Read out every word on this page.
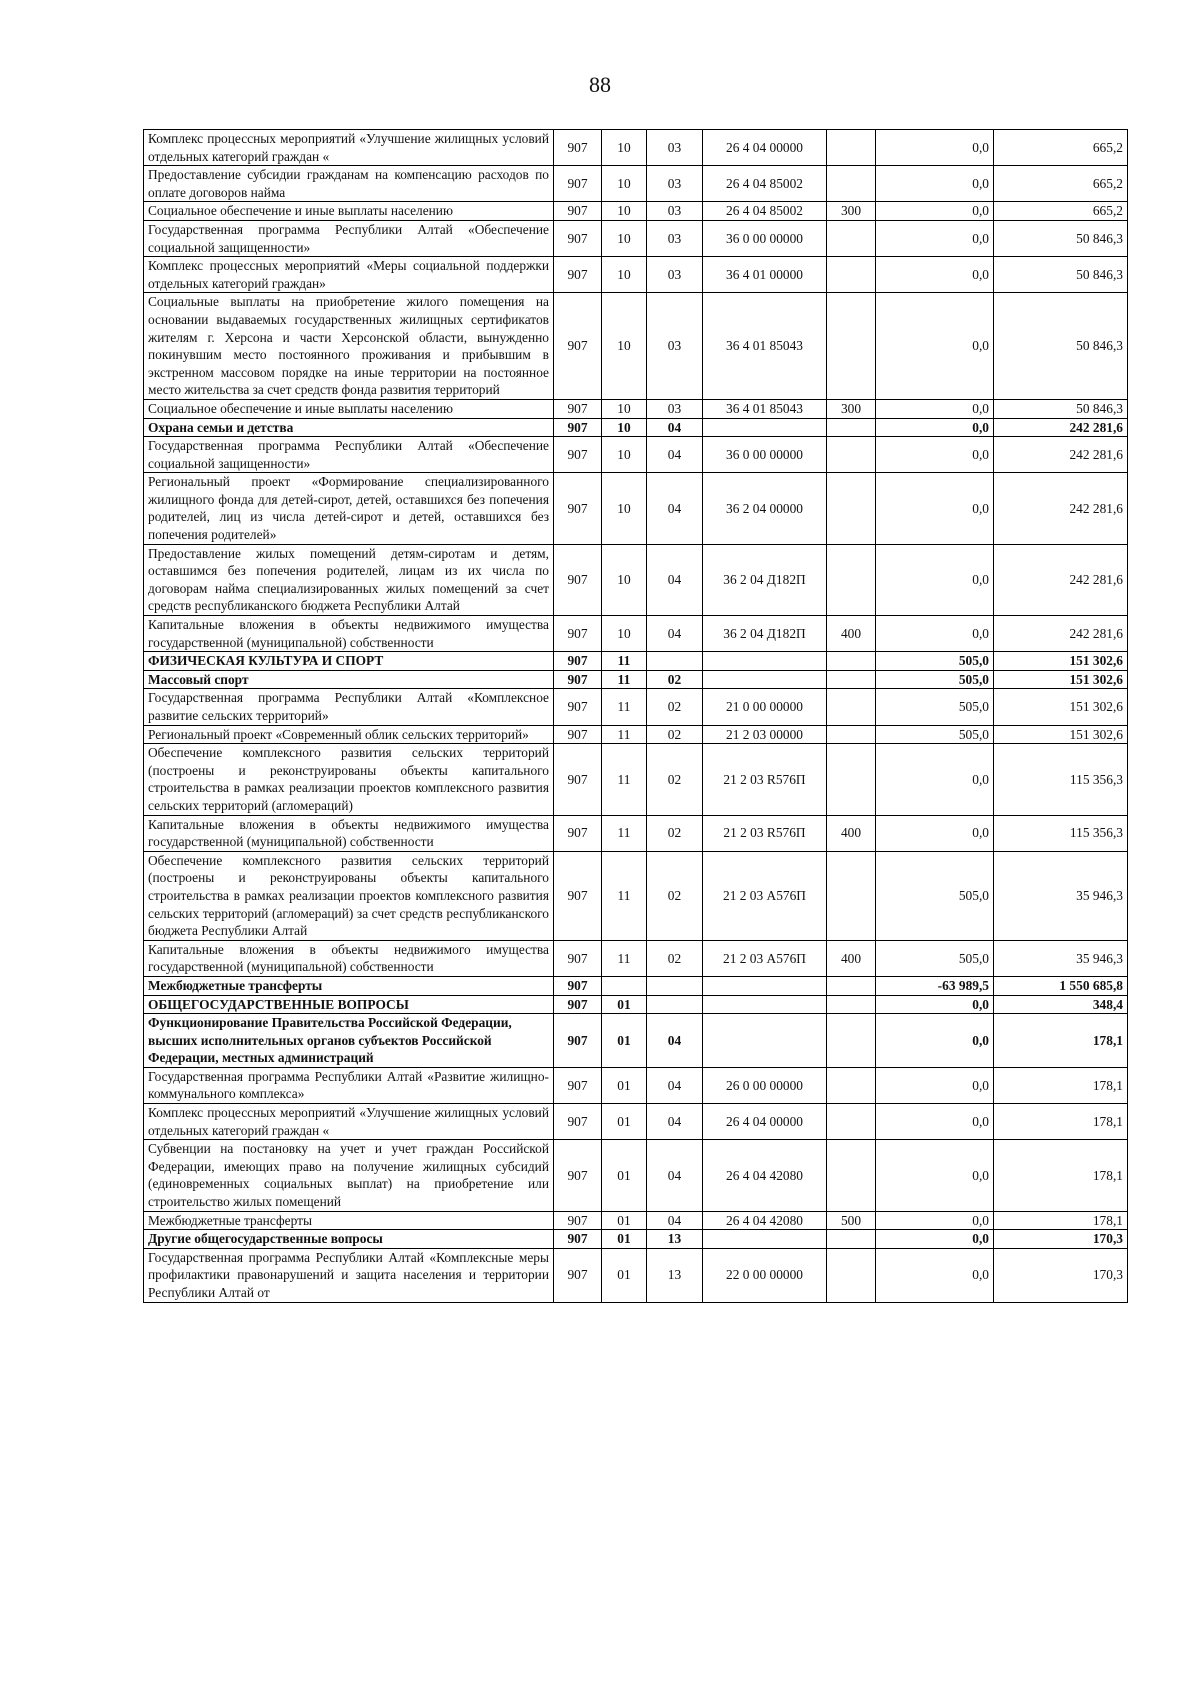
88
Комплекс процессных мероприятий «Улучшение жилищных условий отдельных категорий граждан «	907	10	03	26 4 04 00000		0,0	665,2
Предоставление субсидии гражданам на компенсацию расходов по оплате договоров найма	907	10	03	26 4 04 85002		0,0	665,2
Социальное обеспечение и иные выплаты населению	907	10	03	26 4 04 85002	300	0,0	665,2
Государственная программа Республики Алтай «Обеспечение социальной защищенности»	907	10	03	36 0 00 00000		0,0	50 846,3
Комплекс процессных мероприятий «Меры социальной поддержки отдельных категорий граждан»	907	10	03	36 4 01 00000		0,0	50 846,3
Социальные выплаты на приобретение жилого помещения на основании выдаваемых государственных жилищных сертификатов жителям г. Херсона и части Херсонской области, вынужденно покинувшим место постоянного проживания и прибывшим в экстренном массовом порядке на иные территории на постоянное место жительства за счет средств фонда развития территорий	907	10	03	36 4 01 85043		0,0	50 846,3
Социальное обеспечение и иные выплаты населению	907	10	03	36 4 01 85043	300	0,0	50 846,3
Охрана семьи и детства	907	10	04			0,0	242 281,6
Государственная программа Республики Алтай «Обеспечение социальной защищенности»	907	10	04	36 0 00 00000		0,0	242 281,6
Региональный проект «Формирование специализированного жилищного фонда для детей-сирот, детей, оставшихся без попечения родителей, лиц из числа детей-сирот и детей, оставшихся без попечения родителей»	907	10	04	36 2 04 00000		0,0	242 281,6
Предоставление жилых помещений детям-сиротам и детям, оставшимся без попечения родителей, лицам из их числа по договорам найма специализированных жилых помещений за счет средств республиканского бюджета Республики Алтай	907	10	04	36 2 04 Д182П		0,0	242 281,6
Капитальные вложения в объекты недвижимого имущества государственной (муниципальной) собственности	907	10	04	36 2 04 Д182П	400	0,0	242 281,6
ФИЗИЧЕСКАЯ КУЛЬТУРА И СПОРТ	907	11				505,0	151 302,6
Массовый спорт	907	11	02			505,0	151 302,6
Государственная программа Республики Алтай «Комплексное развитие сельских территорий»	907	11	02	21 0 00 00000		505,0	151 302,6
Региональный проект «Современный облик сельских территорий»	907	11	02	21 2 03 00000		505,0	151 302,6
Обеспечение комплексного развития сельских территорий (построены и реконструированы объекты капитального строительства в рамках реализации проектов комплексного развития сельских территорий (агломераций)	907	11	02	21 2 03 R576П		0,0	115 356,3
Капитальные вложения в объекты недвижимого имущества государственной (муниципальной) собственности	907	11	02	21 2 03 R576П	400	0,0	115 356,3
Обеспечение комплексного развития сельских территорий (построены и реконструированы объекты капитального строительства в рамках реализации проектов комплексного развития сельских территорий (агломераций) за счет средств республиканского бюджета Республики Алтай	907	11	02	21 2 03 А576П		505,0	35 946,3
Капитальные вложения в объекты недвижимого имущества государственной (муниципальной) собственности	907	11	02	21 2 03 А576П	400	505,0	35 946,3
Межбюджетные трансферты	907					-63 989,5	1 550 685,8
ОБЩЕГОСУДАРСТВЕННЫЕ ВОПРОСЫ	907	01				0,0	348,4
Функционирование Правительства Российской Федерации, высших исполнительных органов субъектов Российской Федерации, местных администраций	907	01	04			0,0	178,1
Государственная программа Республики Алтай «Развитие жилищно-коммунального комплекса»	907	01	04	26 0 00 00000		0,0	178,1
Комплекс процессных мероприятий «Улучшение жилищных условий отдельных категорий граждан «	907	01	04	26 4 04 00000		0,0	178,1
Субвенции на постановку на учет и учет граждан Российской Федерации, имеющих право на получение жилищных субсидий (единовременных социальных выплат) на приобретение или строительство жилых помещений	907	01	04	26 4 04 42080		0,0	178,1
Межбюджетные трансферты	907	01	04	26 4 04 42080	500	0,0	178,1
Другие общегосударственные вопросы	907	01	13			0,0	170,3
Государственная программа Республики Алтай «Комплексные меры профилактики правонарушений и защита населения и территории Республики Алтай от	907	01	13	22 0 00 00000		0,0	170,3
